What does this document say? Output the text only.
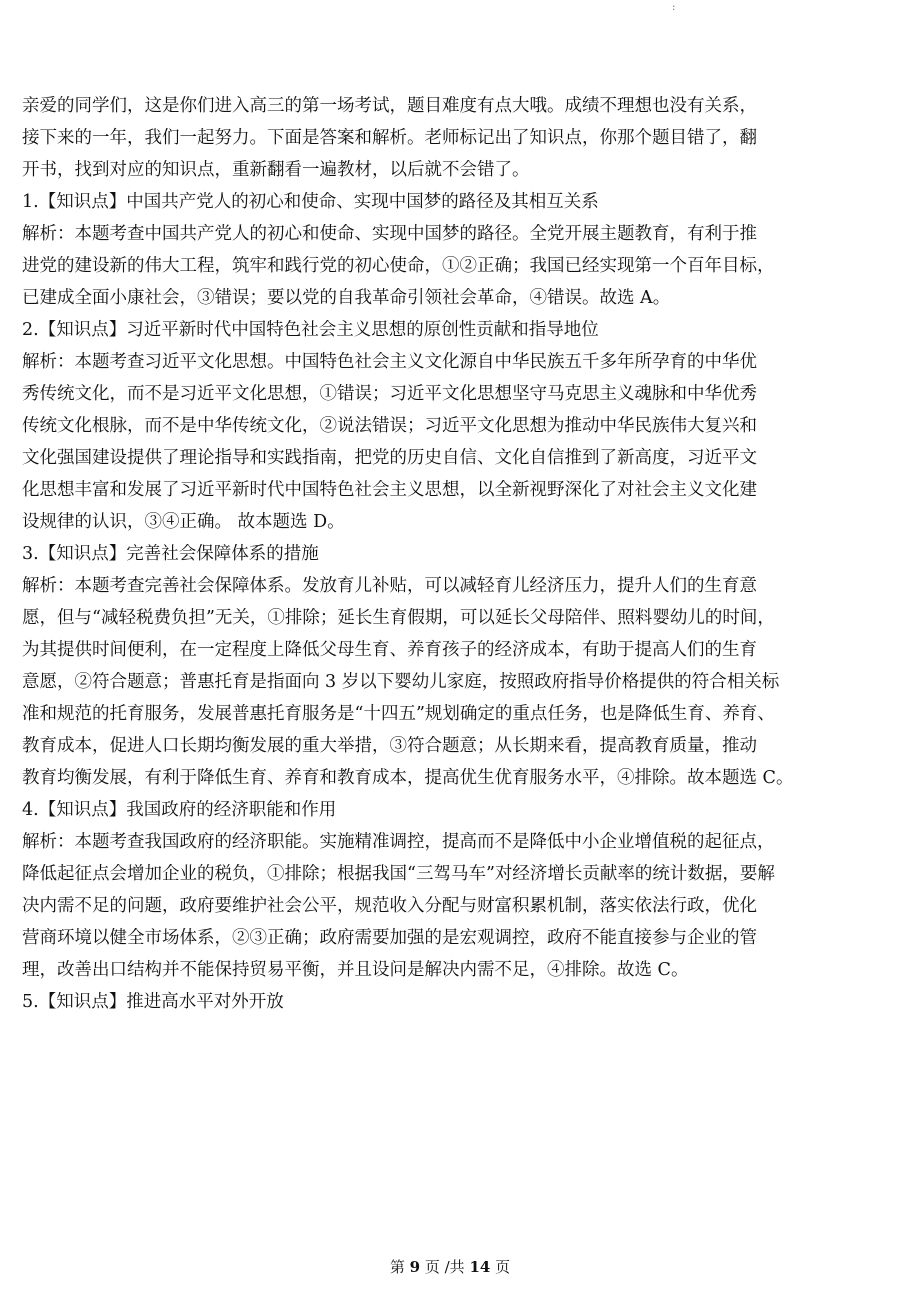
:
亲爱的同学们，这是你们进入高三的第一场考试，题目难度有点大哦。成绩不理想也没有关系，
接下来的一年，我们一起努力。下面是答案和解析。老师标记出了知识点，你那个题目错了，翻
开书，找到对应的知识点，重新翻看一遍教材，以后就不会错了。
1.【知识点】中国共产党人的初心和使命、实现中国梦的路径及其相互关系
解析：本题考查中国共产党人的初心和使命、实现中国梦的路径。全党开展主题教育，有利于推
进党的建设新的伟大工程，筑牢和践行党的初心使命，①②正确；我国已经实现第一个百年目标，
已建成全面小康社会，③错误；要以党的自我革命引领社会革命，④错误。故选 A。
2.【知识点】习近平新时代中国特色社会主义思想的原创性贡献和指导地位
解析：本题考查习近平文化思想。中国特色社会主义文化源自中华民族五千多年所孕育的中华优
秀传统文化，而不是习近平文化思想，①错误；习近平文化思想坚守马克思主义魂脉和中华优秀
传统文化根脉，而不是中华传统文化，②说法错误；习近平文化思想为推动中华民族伟大复兴和
文化强国建设提供了理论指导和实践指南，把党的历史自信、文化自信推到了新高度，习近平文
化思想丰富和发展了习近平新时代中国特色社会主义思想，以全新视野深化了对社会主义文化建
设规律的认识，③④正确。 故本题选 D。
3.【知识点】完善社会保障体系的措施
解析：本题考查完善社会保障体系。发放育儿补贴，可以减轻育儿经济压力，提升人们的生育意
愿，但与“减轻税费负担”无关，①排除；延长生育假期，可以延长父母陪伴、照料婴幼儿的时间，
为其提供时间便利，在一定程度上降低父母生育、养育孩子的经济成本，有助于提高人们的生育
意愿，②符合题意；普惠托育是指面向 3 岁以下婴幼儿家庭，按照政府指导价格提供的符合相关标
准和规范的托育服务，发展普惠托育服务是“十四五”规划确定的重点任务，也是降低生育、养育、
教育成本，促进人口长期均衡发展的重大举措，③符合题意；从长期来看，提高教育质量，推动
教育均衡发展，有利于降低生育、养育和教育成本，提高优生优育服务水平，④排除。故本题选 C。
4.【知识点】我国政府的经济职能和作用
解析：本题考查我国政府的经济职能。实施精准调控，提高而不是降低中小企业增值税的起征点，
降低起征点会增加企业的税负，①排除；根据我国“三驾马车”对经济增长贡献率的统计数据，要解
决内需不足的问题，政府要维护社会公平，规范收入分配与财富积累机制，落实依法行政，优化
营商环境以健全市场体系，②③正确；政府需要加强的是宏观调控，政府不能直接参与企业的管
理，改善出口结构并不能保持贸易平衡，并且设问是解决内需不足，④排除。故选 C。
5.【知识点】推进高水平对外开放
第 9 页 /共 14 页
